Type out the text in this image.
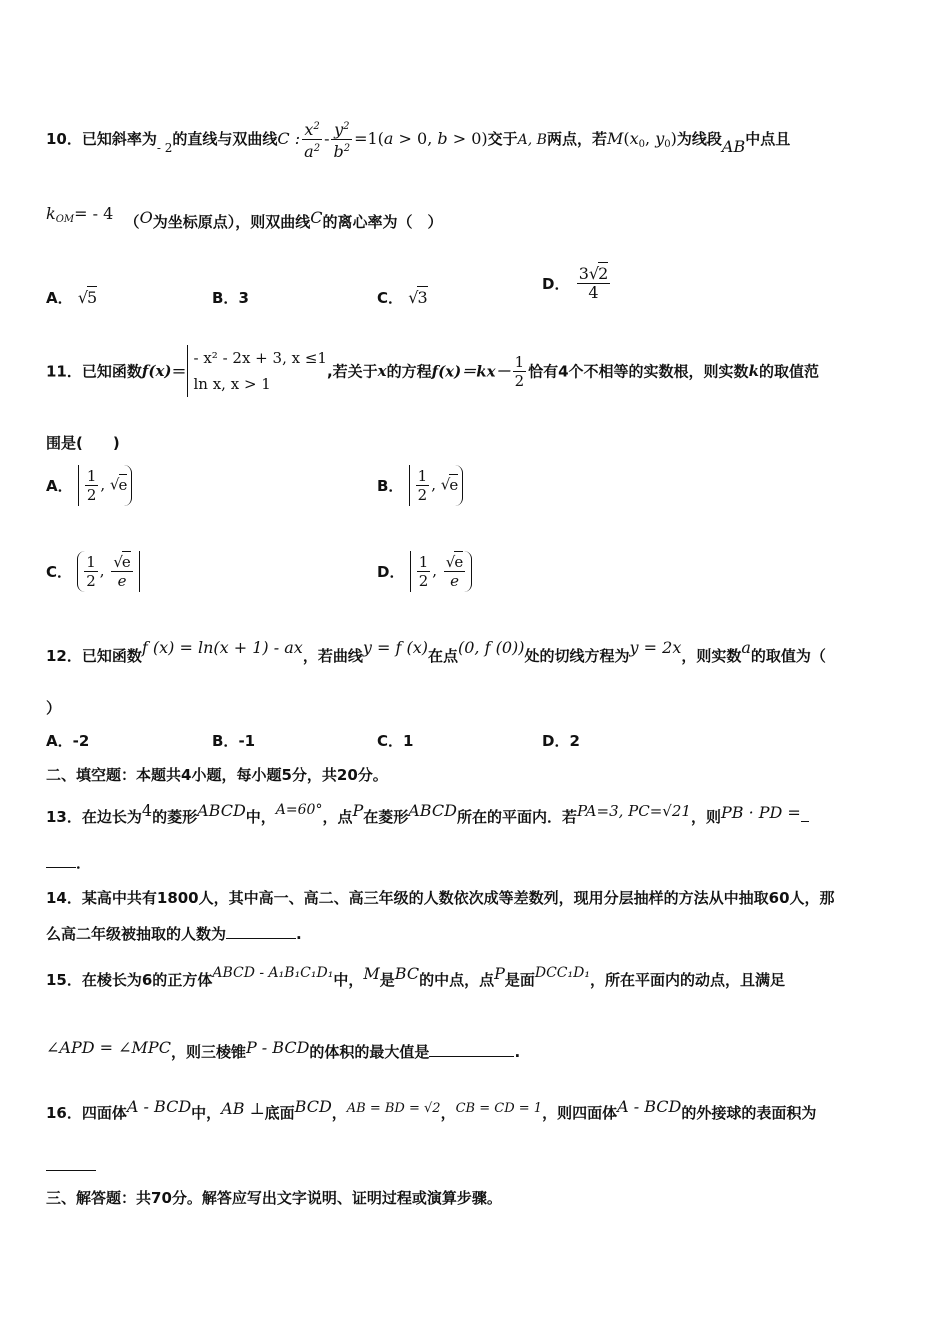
10．已知斜率为$_{- 2}$的直线与双曲线C : $\frac{x^2}{a^2} - \frac{y^2}{b^2} =1(a > 0$, b > 0)交于A, B两点，若$M(x_0$, $y_0$)为线段AB中点且
$k_{OM}= - 4$ （O为坐标原点），则双曲线C的离心率为（　）
A． √5	B．3	C． √3
D． $\frac{3√2}{4}$
11．已知函数f(x)＝
- x² - 2x + 3, x ≤1
ln x, x > 1
,若关于x的方程$f(x)=kx- \frac{1}{2}$ 恰有4个不相等的实数根，则实数k的取值范
围是(　　)
A． $\frac{1}{2}$ , √e	B． $\frac{1}{2}$ , √e
C． $\frac{1}{2}$ , $\frac{√e}{e}$	D． $\frac{1}{2}$ , $\frac{√e}{e}$
12．已知函数f (x) = ln(x + 1) - ax，若曲线y = f (x)在点(0, f (0))处的切线方程为y = 2x，则实数a的取值为（
）
A．-2	B．-1	C．1	D．2
二、填空题：本题共4小题，每小题5分，共20分。
13．在边长为4的菱形ABCD中，A=60°，点P在菱形ABCD所在的平面内．若PA=3, PC=√21，则PB · PD =
．
14．某高中共有1800人，其中高一、高二、高三年级的人数依次成等差数列，现用分层抽样的方法从中抽取60人，那
么高二年级被抽取的人数为	.
15．在棱长为6的正方体ABCD - A₁B₁C₁D₁中，M是BC的中点，点P是面DCC₁D₁，所在平面内的动点，且满足
∠APD = ∠MPC，则三棱锥P - BCD的体积的最大值是	.
16．四面体A - BCD中，AB ⊥底面BCD，AB = BD = √2，CB = CD = 1，则四面体A - BCD的外接球的表面积为

三、解答题：共70分。解答应写出文字说明、证明过程或演算步骤。
